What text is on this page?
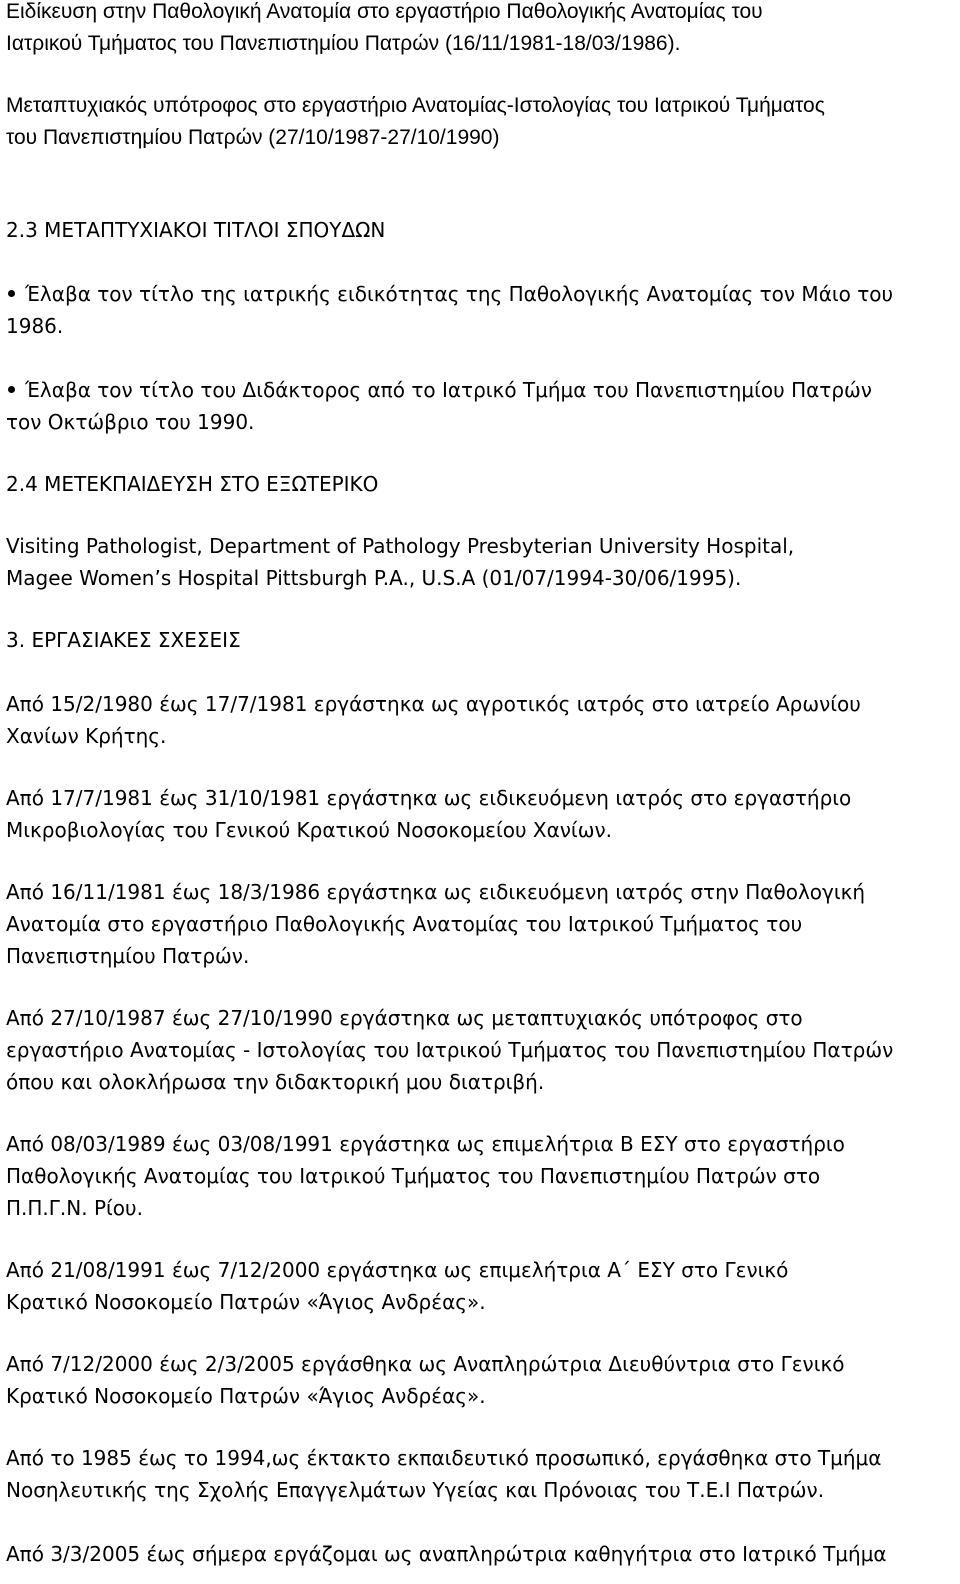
Ειδίκευση στην Παθολογική Ανατομία στο εργαστήριο Παθολογικής Ανατομίας του

Ιατρικού Τμήματος του Πανεπιστημίου Πατρών (16/11/1981-18/03/1986).

Μεταπτυχιακός υπότροφος στο εργαστήριο Ανατομίας-Ιστολογίας του Ιατρικού Τμήματος

του Πανεπιστημίου Πατρών (27/10/1987-27/10/1990)

2.3 ΜΕΤΑΠΤΥΧΙΑΚΟΙ ΤΙΤΛΟΙ ΣΠΟΥΔΩΝ

Έλαβα τον τίτλο της ιατρικής ειδικότητας της Παθολογικής Ανατομίας τον Μάιο του

1986.

Έλαβα τον τίτλο του Διδάκτορος από το Ιατρικό Τμήμα του Πανεπιστημίου Πατρών

τον Οκτώβριο του 1990.

2.4 ΜΕΤΕΚΠΑΙΔΕΥΣΗ ΣΤΟ ΕΞΩΤΕΡΙΚΟ

Visiting Pathologist, Department of Pathology Presbyterian University Hospital,

Magee Women’s Hospital Pittsburgh P.A., U.S.A (01/07/1994-30/06/1995).

3. ΕΡΓΑΣΙΑΚΕΣ ΣΧΕΣΕΙΣ

Από 15/2/1980 έως 17/7/1981 εργάστηκα ως αγροτικός ιατρός στο ιατρείο Αρωνίου

Χανίων Κρήτης.

Από 17/7/1981 έως 31/10/1981 εργάστηκα ως ειδικευόμενη ιατρός στο εργαστήριο

Μικροβιολογίας του Γενικού Κρατικού Νοσοκομείου Χανίων.

Από 16/11/1981 έως 18/3/1986 εργάστηκα ως ειδικευόμενη ιατρός στην Παθολογική

Ανατομία στο εργαστήριο Παθολογικής Ανατομίας του Ιατρικού Τμήματος του

Πανεπιστημίου Πατρών.

Από 27/10/1987 έως 27/10/1990 εργάστηκα ως μεταπτυχιακός υπότροφος στο

εργαστήριο Ανατομίας - Ιστολογίας του Ιατρικού Τμήματος του Πανεπιστημίου Πατρών

όπου και ολοκλήρωσα την διδακτορική μου διατριβή.

Από 08/03/1989 έως 03/08/1991 εργάστηκα ως επιμελήτρια Β ΕΣΥ στο εργαστήριο

Παθολογικής Ανατομίας του Ιατρικού Τμήματος του Πανεπιστημίου Πατρών στο

Π.Π.Γ.Ν. Ρίου.

Από 21/08/1991 έως 7/12/2000 εργάστηκα ως επιμελήτρια Α΄ ΕΣΥ στο Γενικό

Κρατικό Νοσοκομείο Πατρών «Άγιος Ανδρέας».

Από 7/12/2000 έως 2/3/2005 εργάσθηκα ως Αναπληρώτρια Διευθύντρια στο Γενικό

Κρατικό Νοσοκομείο Πατρών «Άγιος Ανδρέας».

Από το 1985 έως το 1994,ως έκτακτο εκπαιδευτικό προσωπικό, εργάσθηκα στο Τμήμα

Νοσηλευτικής της Σχολής Επαγγελμάτων Υγείας και Πρόνοιας του Τ.Ε.Ι Πατρών.

Από 3/3/2005 έως σήμερα εργάζομαι ως αναπληρώτρια καθηγήτρια στο Ιατρικό Τμήμα
